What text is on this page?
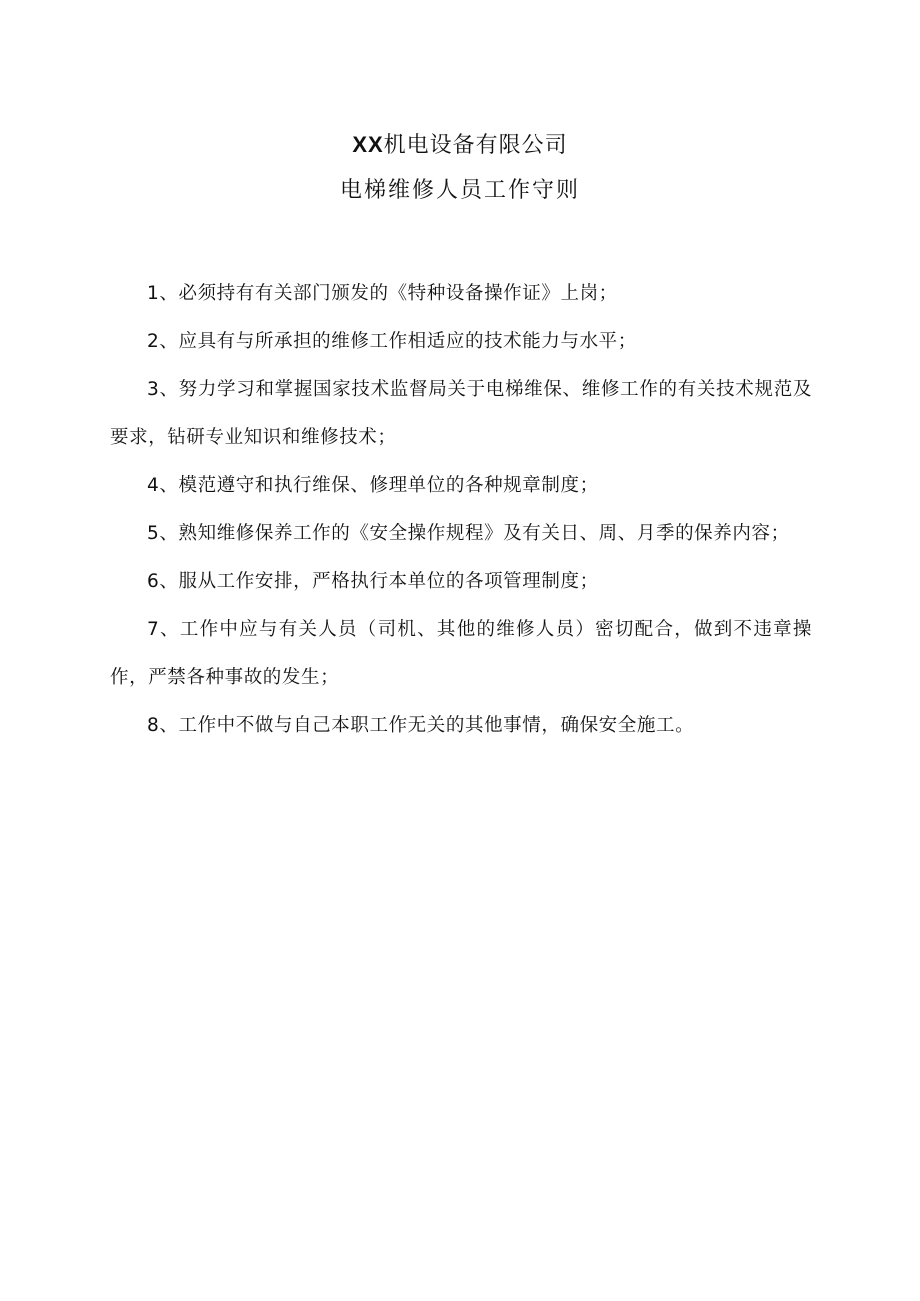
XX机电设备有限公司
电梯维修人员工作守则

1、必须持有有关部门颁发的《特种设备操作证》上岗；

2、应具有与所承担的维修工作相适应的技术能力与水平；

3、努力学习和掌握国家技术监督局关于电梯维保、维修工作的有关技术规范及要求，钻研专业知识和维修技术；

4、模范遵守和执行维保、修理单位的各种规章制度；

5、熟知维修保养工作的《安全操作规程》及有关日、周、月季的保养内容；

6、服从工作安排，严格执行本单位的各项管理制度；

7、工作中应与有关人员（司机、其他的维修人员）密切配合，做到不违章操作，严禁各种事故的发生；

8、工作中不做与自己本职工作无关的其他事情，确保安全施工。
